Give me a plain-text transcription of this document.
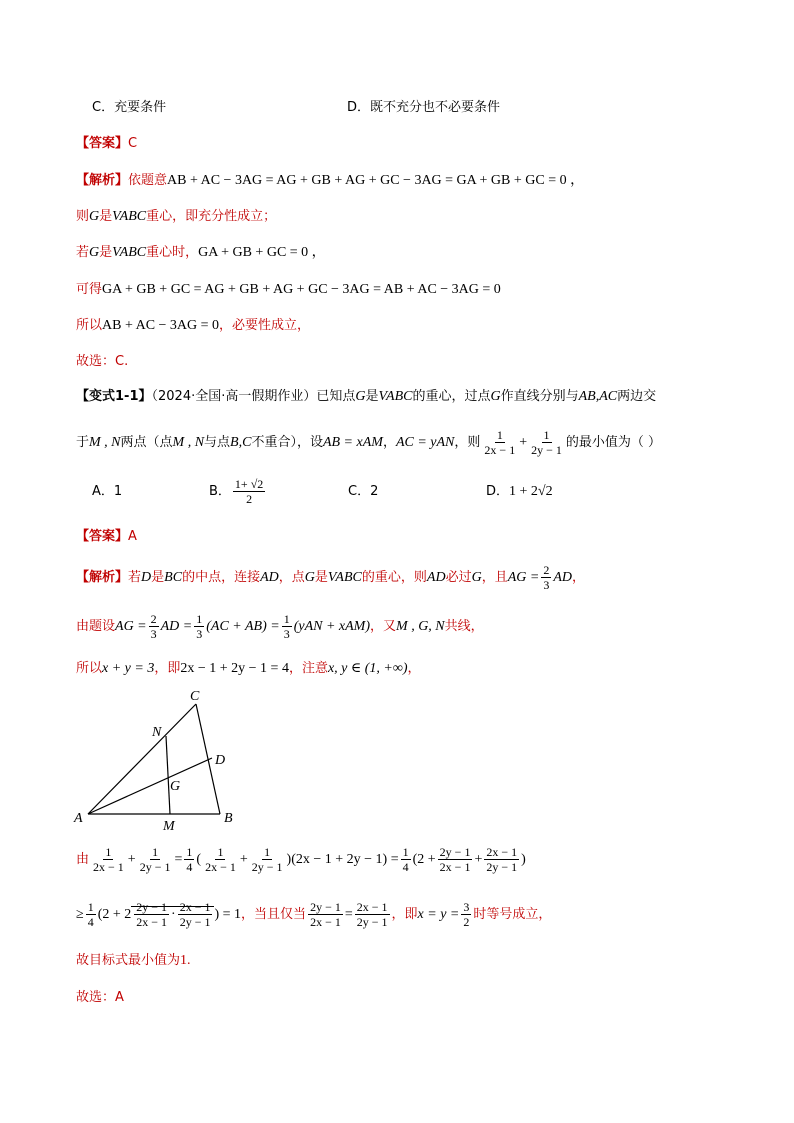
C．充要条件	D．既不充分也不必要条件
【答案】C
【解析】依题意AB + AC − 3AG = AG + GB + AG + GC − 3AG = GA + GB + GC = 0 ，
则G是VABC重心，即充分性成立；
若G是VABC重心时，GA + GB + GC = 0 ，
可得GA + GB + GC = AG + GB + AG + GC − 3AG = AB + AC − 3AG = 0
所以AB + AC − 3AG = 0，必要性成立，
故选：C.
【变式1-1】（2024·全国·高一假期作业）已知点G是VABC的重心，过点G作直线分别与AB,AC两边交
于M , N两点（点M , N与点B,C不重合），设AB = xAM，AC = yAN，则 $\frac{1}{2x - 1} + \frac{1}{2y - 1}$ 的最小值为（ ）
A．1	B． $\frac{1+ √2}{2}$	C．2	D．1 + 2√2
【答案】A
【解析】若D是BC的中点，连接AD，点G是VABC的重心，则AD必过G，且AG = $\frac{2}{3}$ AD，
由题设AG = $\frac{2}{3}$ AD = $\frac{1}{3} (AC + AB) = \frac{1}{3} (yAN + xAM)$，又M , G, N共线，
所以x + y = 3，即2x − 1 + 2y − 1 = 4，注意x, y ∈ (1, +∞)，
A	B
C
D
G
M
N
由 $\frac{1}{2x - 1} + \frac{1}{2y - 1} = \frac{1}{4}$ ( $\frac{1}{2x - 1} + \frac{1}{2y - 1} )(2x - 1 + 2y - 1) = \frac{1}{4} (2 + \frac{2y - 1}{2x - 1} + \frac{2x - 1}{2y - 1}$ )
≥ $\frac{1}{4} (2 + 2 \frac{2y - 1}{2x - 1} \cdot \frac{2x - 1}{2y - 1}$ ) = 1，当且仅当 $\frac{2y - 1}{2x - 1} = \frac{2x - 1}{2y - 1}$ ，即$x = y = \frac{3}{2}$ 时等号成立，
故目标式最小值为1.
故选：A
